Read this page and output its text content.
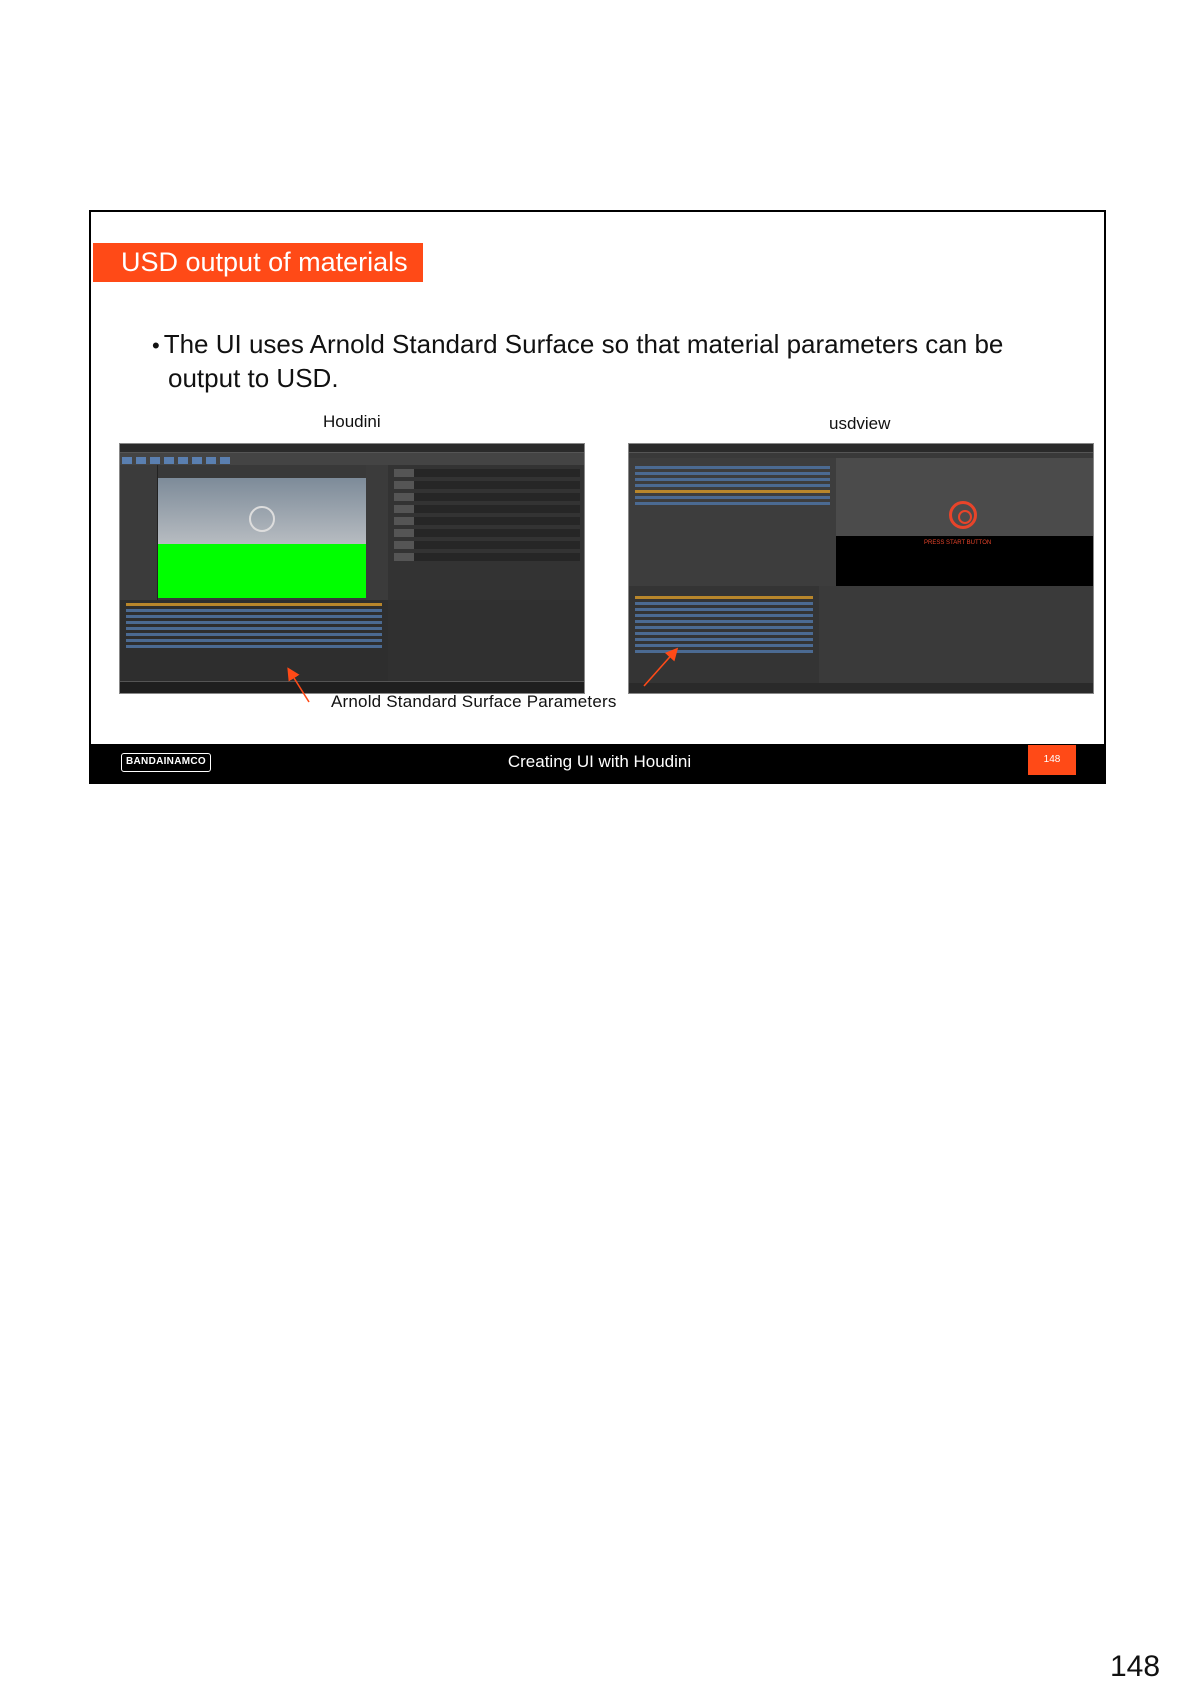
USD output of materials
• The UI uses Arnold Standard Surface so that material parameters can be output to USD.
Houdini	usdview
PRESS START BUTTON
Arnold Standard Surface Parameters
BANDAINAMCO	Creating UI with Houdini	148
148
